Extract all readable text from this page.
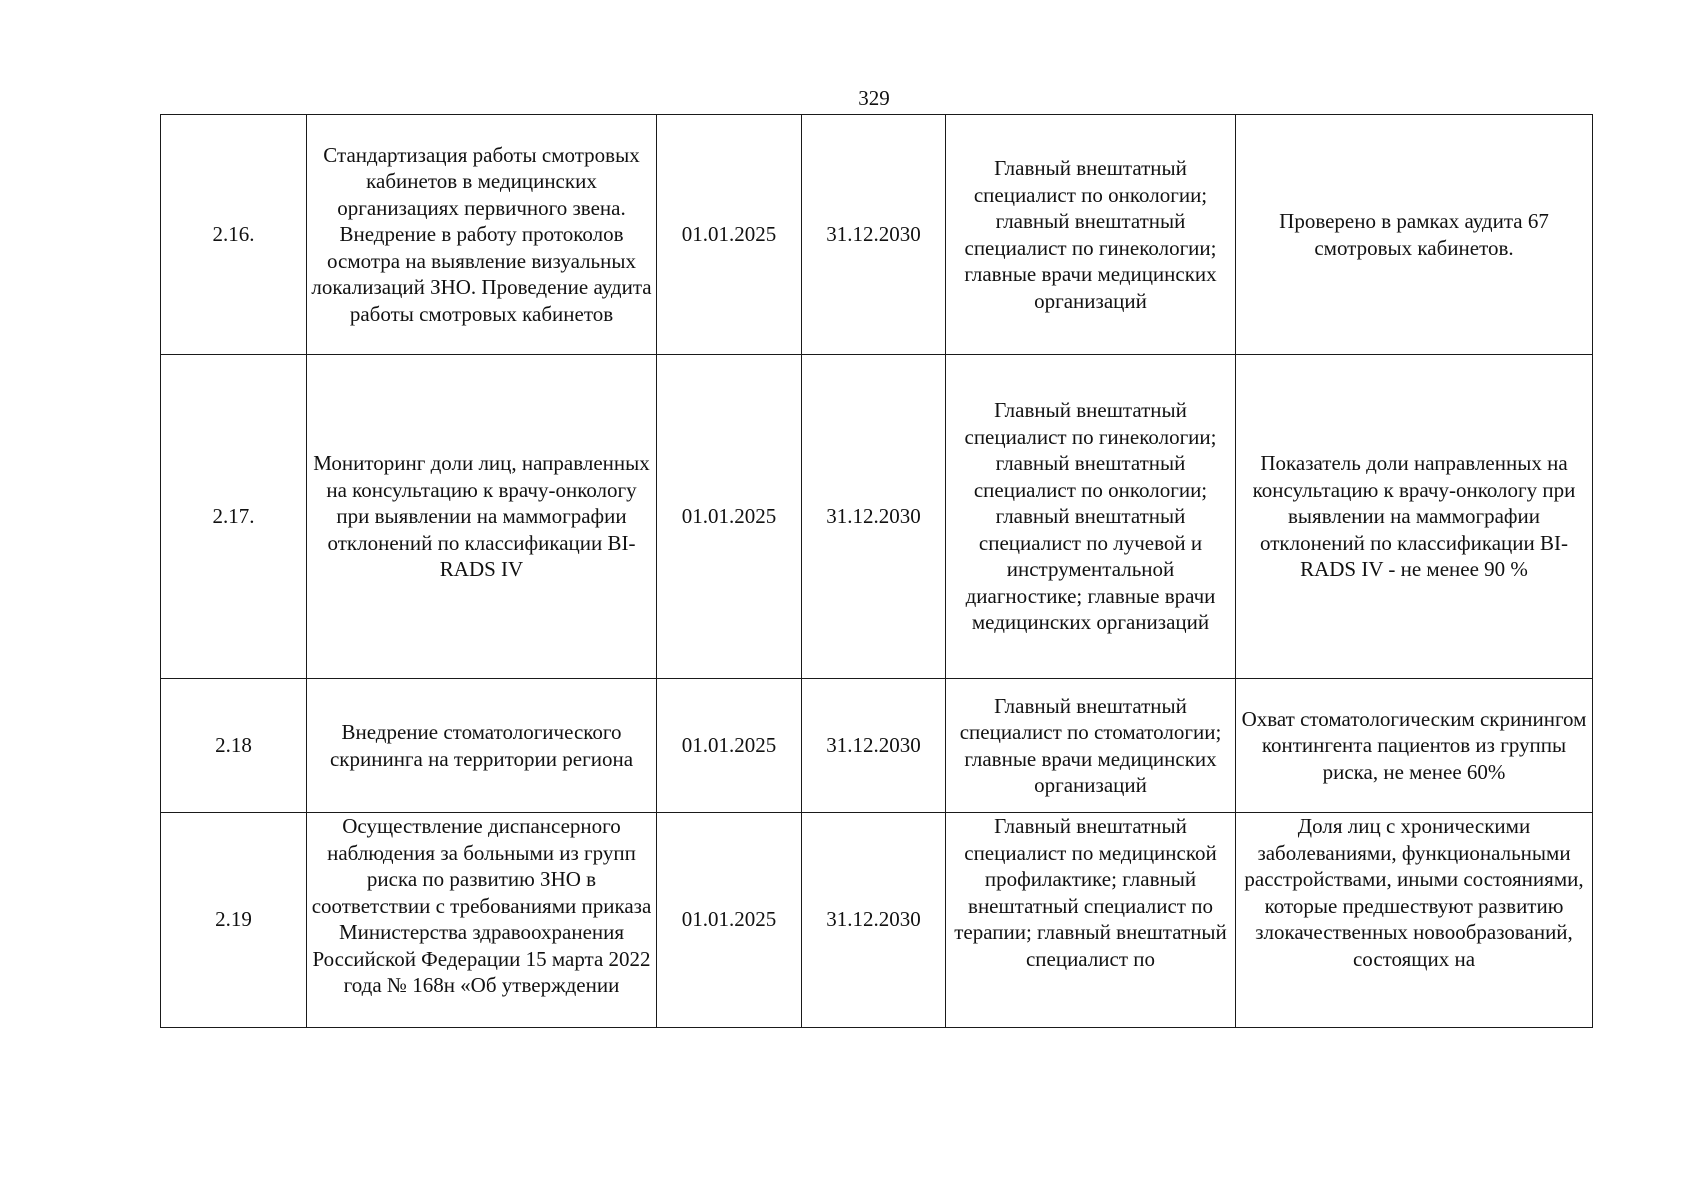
329
2.16.	Стандартизация работы смотровых кабинетов в медицинских организациях первичного звена. Внедрение в работу протоколов осмотра на выявление визуальных локализаций ЗНО. Проведение аудита работы смотровых кабинетов	01.01.2025	31.12.2030	Главный внештатный специалист по онкологии; главный внештатный специалист по гинекологии; главные врачи медицинских организаций	Проверено в рамках аудита 67 смотровых кабинетов.
2.17.	Мониторинг доли лиц, направленных на консультацию к врачу-онкологу при выявлении на маммографии отклонений по классификации BI-RADS IV	01.01.2025	31.12.2030	Главный внештатный специалист по гинекологии; главный внештатный специалист по онкологии; главный внештатный специалист по лучевой и инструментальной диагностике; главные врачи медицинских организаций	Показатель доли направленных на консультацию к врачу-онкологу при выявлении на маммографии отклонений по классификации BI-RADS IV - не менее 90 %
2.18	Внедрение стоматологического скрининга на территории региона	01.01.2025	31.12.2030	Главный внештатный специалист по стоматологии; главные врачи медицинских организаций	Охват стоматологическим скринингом контингента пациентов из группы риска, не менее 60%
2.19	Осуществление диспансерного наблюдения за больными из групп риска по развитию ЗНО в соответствии с требованиями приказа Министерства здравоохранения Российской Федерации 15 марта 2022 года № 168н «Об утверждении	01.01.2025	31.12.2030	Главный внештатный специалист по медицинской профилактике; главный внештатный специалист по терапии; главный внештатный специалист по	Доля лиц с хроническими заболеваниями, функциональными расстройствами, иными состояниями, которые предшествуют развитию злокачественных новообразований, состоящих на
